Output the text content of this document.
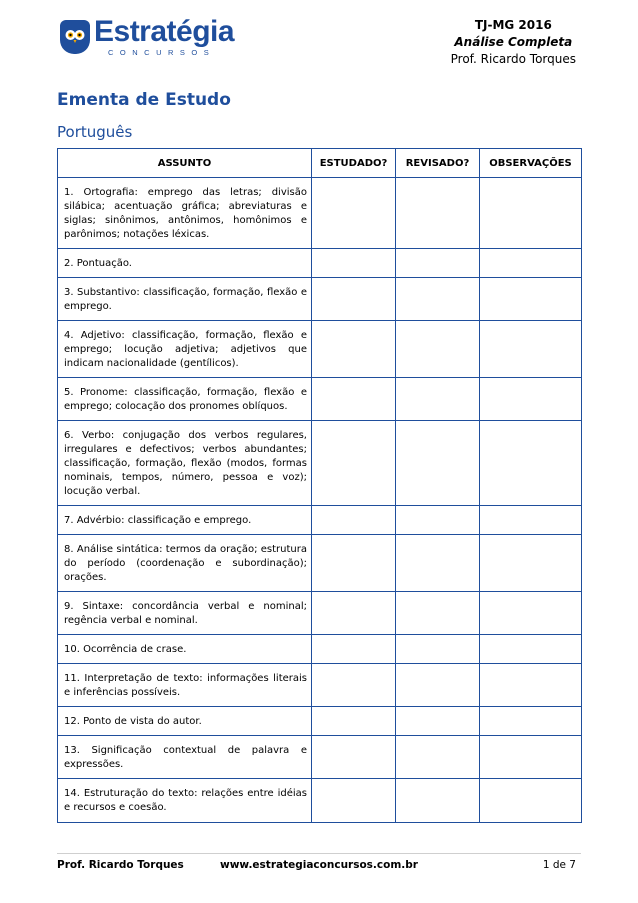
Estratégia
CONCURSOS
TJ-MG 2016
Análise Completa
Prof. Ricardo Torques
Ementa de Estudo
Português
ASSUNTO	ESTUDADO?	REVISADO?	OBSERVAÇÕES
1. Ortografia: emprego das letras; divisão silábica; acentuação gráfica; abreviaturas e siglas; sinônimos, antônimos, homônimos e parônimos; notações léxicas.			
2. Pontuação.			
3. Substantivo: classificação, formação, flexão e emprego.			
4. Adjetivo: classificação, formação, flexão e emprego; locução adjetiva; adjetivos que indicam nacionalidade (gentílicos).			
5. Pronome: classificação, formação, flexão e emprego; colocação dos pronomes oblíquos.			
6. Verbo: conjugação dos verbos regulares, irregulares e defectivos; verbos abundantes; classificação, formação, flexão (modos, formas nominais, tempos, número, pessoa e voz); locução verbal.			
7. Advérbio: classificação e emprego.			
8. Análise sintática: termos da oração; estrutura do período (coordenação e subordinação); orações.			
9. Sintaxe: concordância verbal e nominal; regência verbal e nominal.			
10. Ocorrência de crase.			
11. Interpretação de texto: informações literais e inferências possíveis.			
12. Ponto de vista do autor.			
13. Significação contextual de palavra e expressões.			
14. Estruturação do texto: relações entre idéias e recursos e coesão.			
Prof. Ricardo Torques	www.estrategiaconcursos.com.br	1 de 7
